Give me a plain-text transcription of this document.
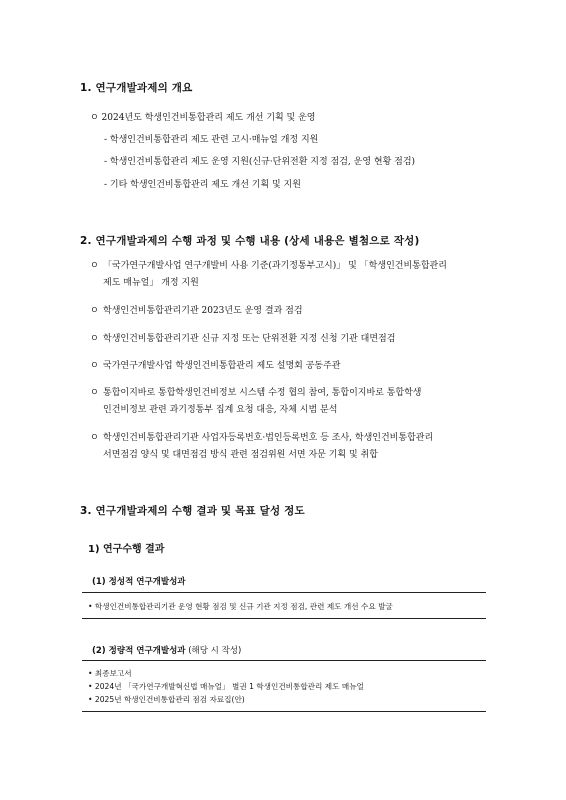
1. 연구개발과제의 개요
ㅇ 2024년도 학생인건비통합관리 제도 개선 기획 및 운영
- 학생인건비통합관리 제도 관련 고시·매뉴얼 개정 지원
- 학생인건비통합관리 제도 운영 지원(신규·단위전환 지정 점검, 운영 현황 점검)
- 기타 학생인건비통합관리 제도 개선 기획 및 지원
2. 연구개발과제의 수행 과정 및 수행 내용 (상세 내용은 별첨으로 작성)
ㅇ 「국가연구개발사업 연구개발비 사용 기준(과기정통부고시)」 및 「학생인건비통합관리
제도 매뉴얼」 개정 지원
ㅇ 학생인건비통합관리기관 2023년도 운영 결과 점검
ㅇ 학생인건비통합관리기관 신규 지정 또는 단위전환 지정 신청 기관 대면점검
ㅇ 국가연구개발사업 학생인건비통합관리 제도 설명회 공동주관
ㅇ 통합이지바로 통합학생인건비정보 시스템 수정 협의 참여, 통합이지바로 통합학생
인건비정보 관련 과기정통부 집계 요청 대응, 자체 시범 분석
ㅇ 학생인건비통합관리기관 사업자등록번호·법인등록번호 등 조사, 학생인건비통합관리
서면점검 양식 및 대면점검 방식 관련 점검위원 서면 자문 기획 및 취합
3. 연구개발과제의 수행 결과 및 목표 달성 정도
1) 연구수행 결과
(1) 정성적 연구개발성과
• 학생인건비통합관리기관 운영 현황 점검 및 신규 기관 지정 점검, 관련 제도 개선 수요 발굴
(2) 정량적 연구개발성과 (해당 시 작성)
• 최종보고서
• 2024년 「국가연구개발혁신법 매뉴얼」 별권 1 학생인건비통합관리 제도 매뉴얼
• 2025년 학생인건비통합관리 점검 자료집(안)
